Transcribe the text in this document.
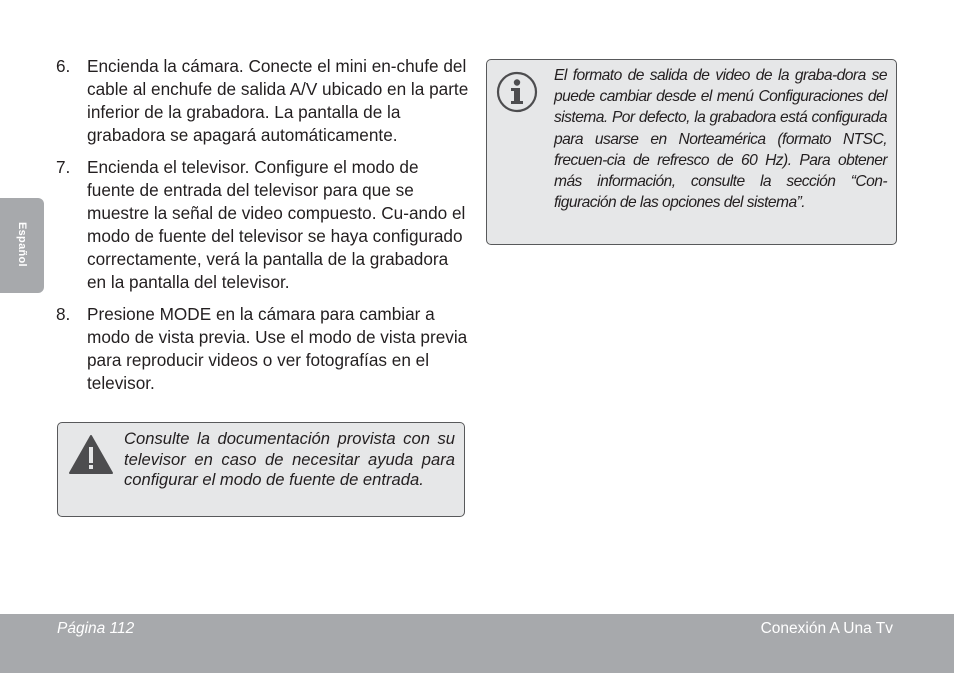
Español
6. Encienda la cámara. Conecte el mini en-chufe del cable al enchufe de salida A/V ubicado en la parte inferior de la grabadora. La pantalla de la grabadora se apagará automáticamente.
7. Encienda el televisor. Configure el modo de fuente de entrada del televisor para que se muestre la señal de video compuesto. Cu-ando el modo de fuente del televisor se haya configurado correctamente, verá la pantalla de la grabadora en la pantalla del televisor.
8. Presione MODE en la cámara para cambiar a modo de vista previa. Use el modo de vista previa para reproducir videos o ver fotografías en el televisor.
Consulte la documentación provista con su televisor en caso de necesitar ayuda para configurar el modo de fuente de entrada.
El formato de salida de video de la graba-dora se puede cambiar desde el menú Configuraciones del sistema. Por defecto, la grabadora está configurada para usarse en Norteamérica (formato NTSC, frecuen-cia de refresco de 60 Hz). Para obtener más información, consulte la sección “Con-figuración de las opciones del sistema”.
Página 112	Conexión A Una Tv
